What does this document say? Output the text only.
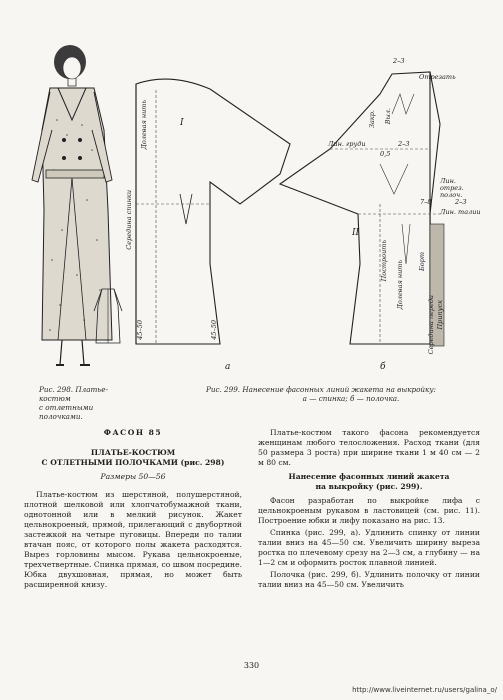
Отрезать
2–3
I
Долевая нить
Середина спинки
45–50	45–50
Лин. груди
Закр. Выл.
0,5
2–3
Лин. отрез. полоч.
Лин. талии
7–8	2–3
II
Построить Долевая нить Борт
Середина переда Припуск
а	б
Рис. 298. Платье-костюм
с отлетными полочками.
Рис. 299. Нанесение фасонных линий жакета на выкройку:
а — спинка; б — полочка.
ФАСОН 85
ПЛАТЬЕ-КОСТЮМ
С ОТЛЕТНЫМИ ПОЛОЧКАМИ (рис. 298)
Размеры 50—56

Платье-костюм из шерстяной, полушерстяной, плотной шелковой или хлопчатобумажной ткани, однотонной или в мелкий рисунок. Жакет цельнокроеный, прямой, прилегающий с двубортной застежкой на четыре пуговицы. Впереди по талии втачан пояс, от которого полы жакета расходятся. Вырез горловины мысом. Рукава цельнокроеные, трехчетвертные. Спинка прямая, со швом посредине. Юбка двухшовная, прямая, но может быть расширенной книзу.

Платье-костюм такого фасона рекомендуется женщинам любого телосложения. Расход ткани (для 50 размера 3 роста) при ширине ткани 1 м 40 см — 2 м 80 см.

Нанесение фасонных линий жакета
на выкройку (рис. 299).

Фасон разработан по выкройке лифа с цельнокроеным рукавом в ластовицей (см. рис. 11). Построение юбки и лифу показано на рис. 13.

Спинка (рис. 299, а). Удлинить спинку от линии талии вниз на 45—50 см. Увеличить ширину выреза ростка по плечевому срезу на 2—3 см, а глубину — на 1—2 см и оформить росток плавной линией.

Полочка (рис. 299, б). Удлинить полочку от линии талии вниз на 45—50 см. Увеличить

330
http://www.liveinternet.ru/users/galina_o/
